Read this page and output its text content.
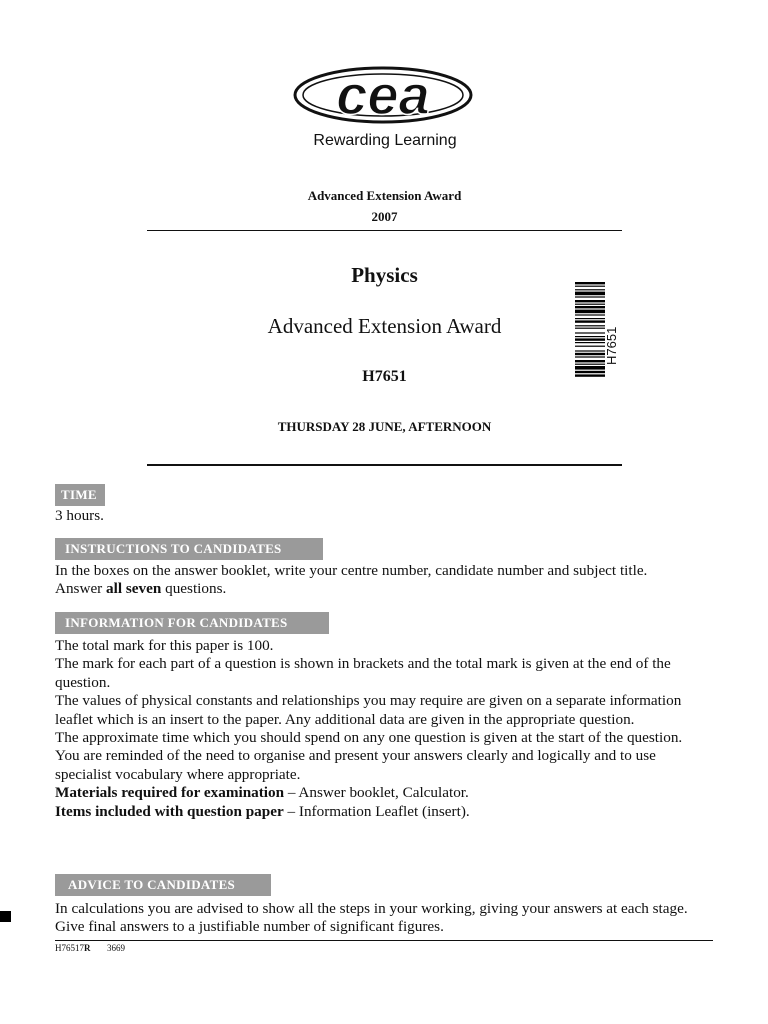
cea
Rewarding Learning
Advanced Extension Award
2007
Physics
Advanced Extension Award
H7651
THURSDAY 28 JUNE, AFTERNOON
H7651
TIME
3 hours.
INSTRUCTIONS TO CANDIDATES

In the boxes on the answer booklet, write your centre number, candidate number and subject title.

Answer all seven questions.

INFORMATION FOR CANDIDATES

The total mark for this paper is 100.

The mark for each part of a question is shown in brackets and the total mark is given at the end of the question.

The values of physical constants and relationships you may require are given on a separate information leaflet which is an insert to the paper. Any additional data are given in the appropriate question.

The approximate time which you should spend on any one question is given at the start of the question.

You are reminded of the need to organise and present your answers clearly and logically and to use specialist vocabulary where appropriate.

Materials required for examination – Answer booklet, Calculator.

Items included with question paper – Information Leaflet (insert).

ADVICE TO CANDIDATES
In calculations you are advised to show all the steps in your working, giving your answers at each stage. Give final answers to a justifiable number of significant figures.
H76517R 3669
